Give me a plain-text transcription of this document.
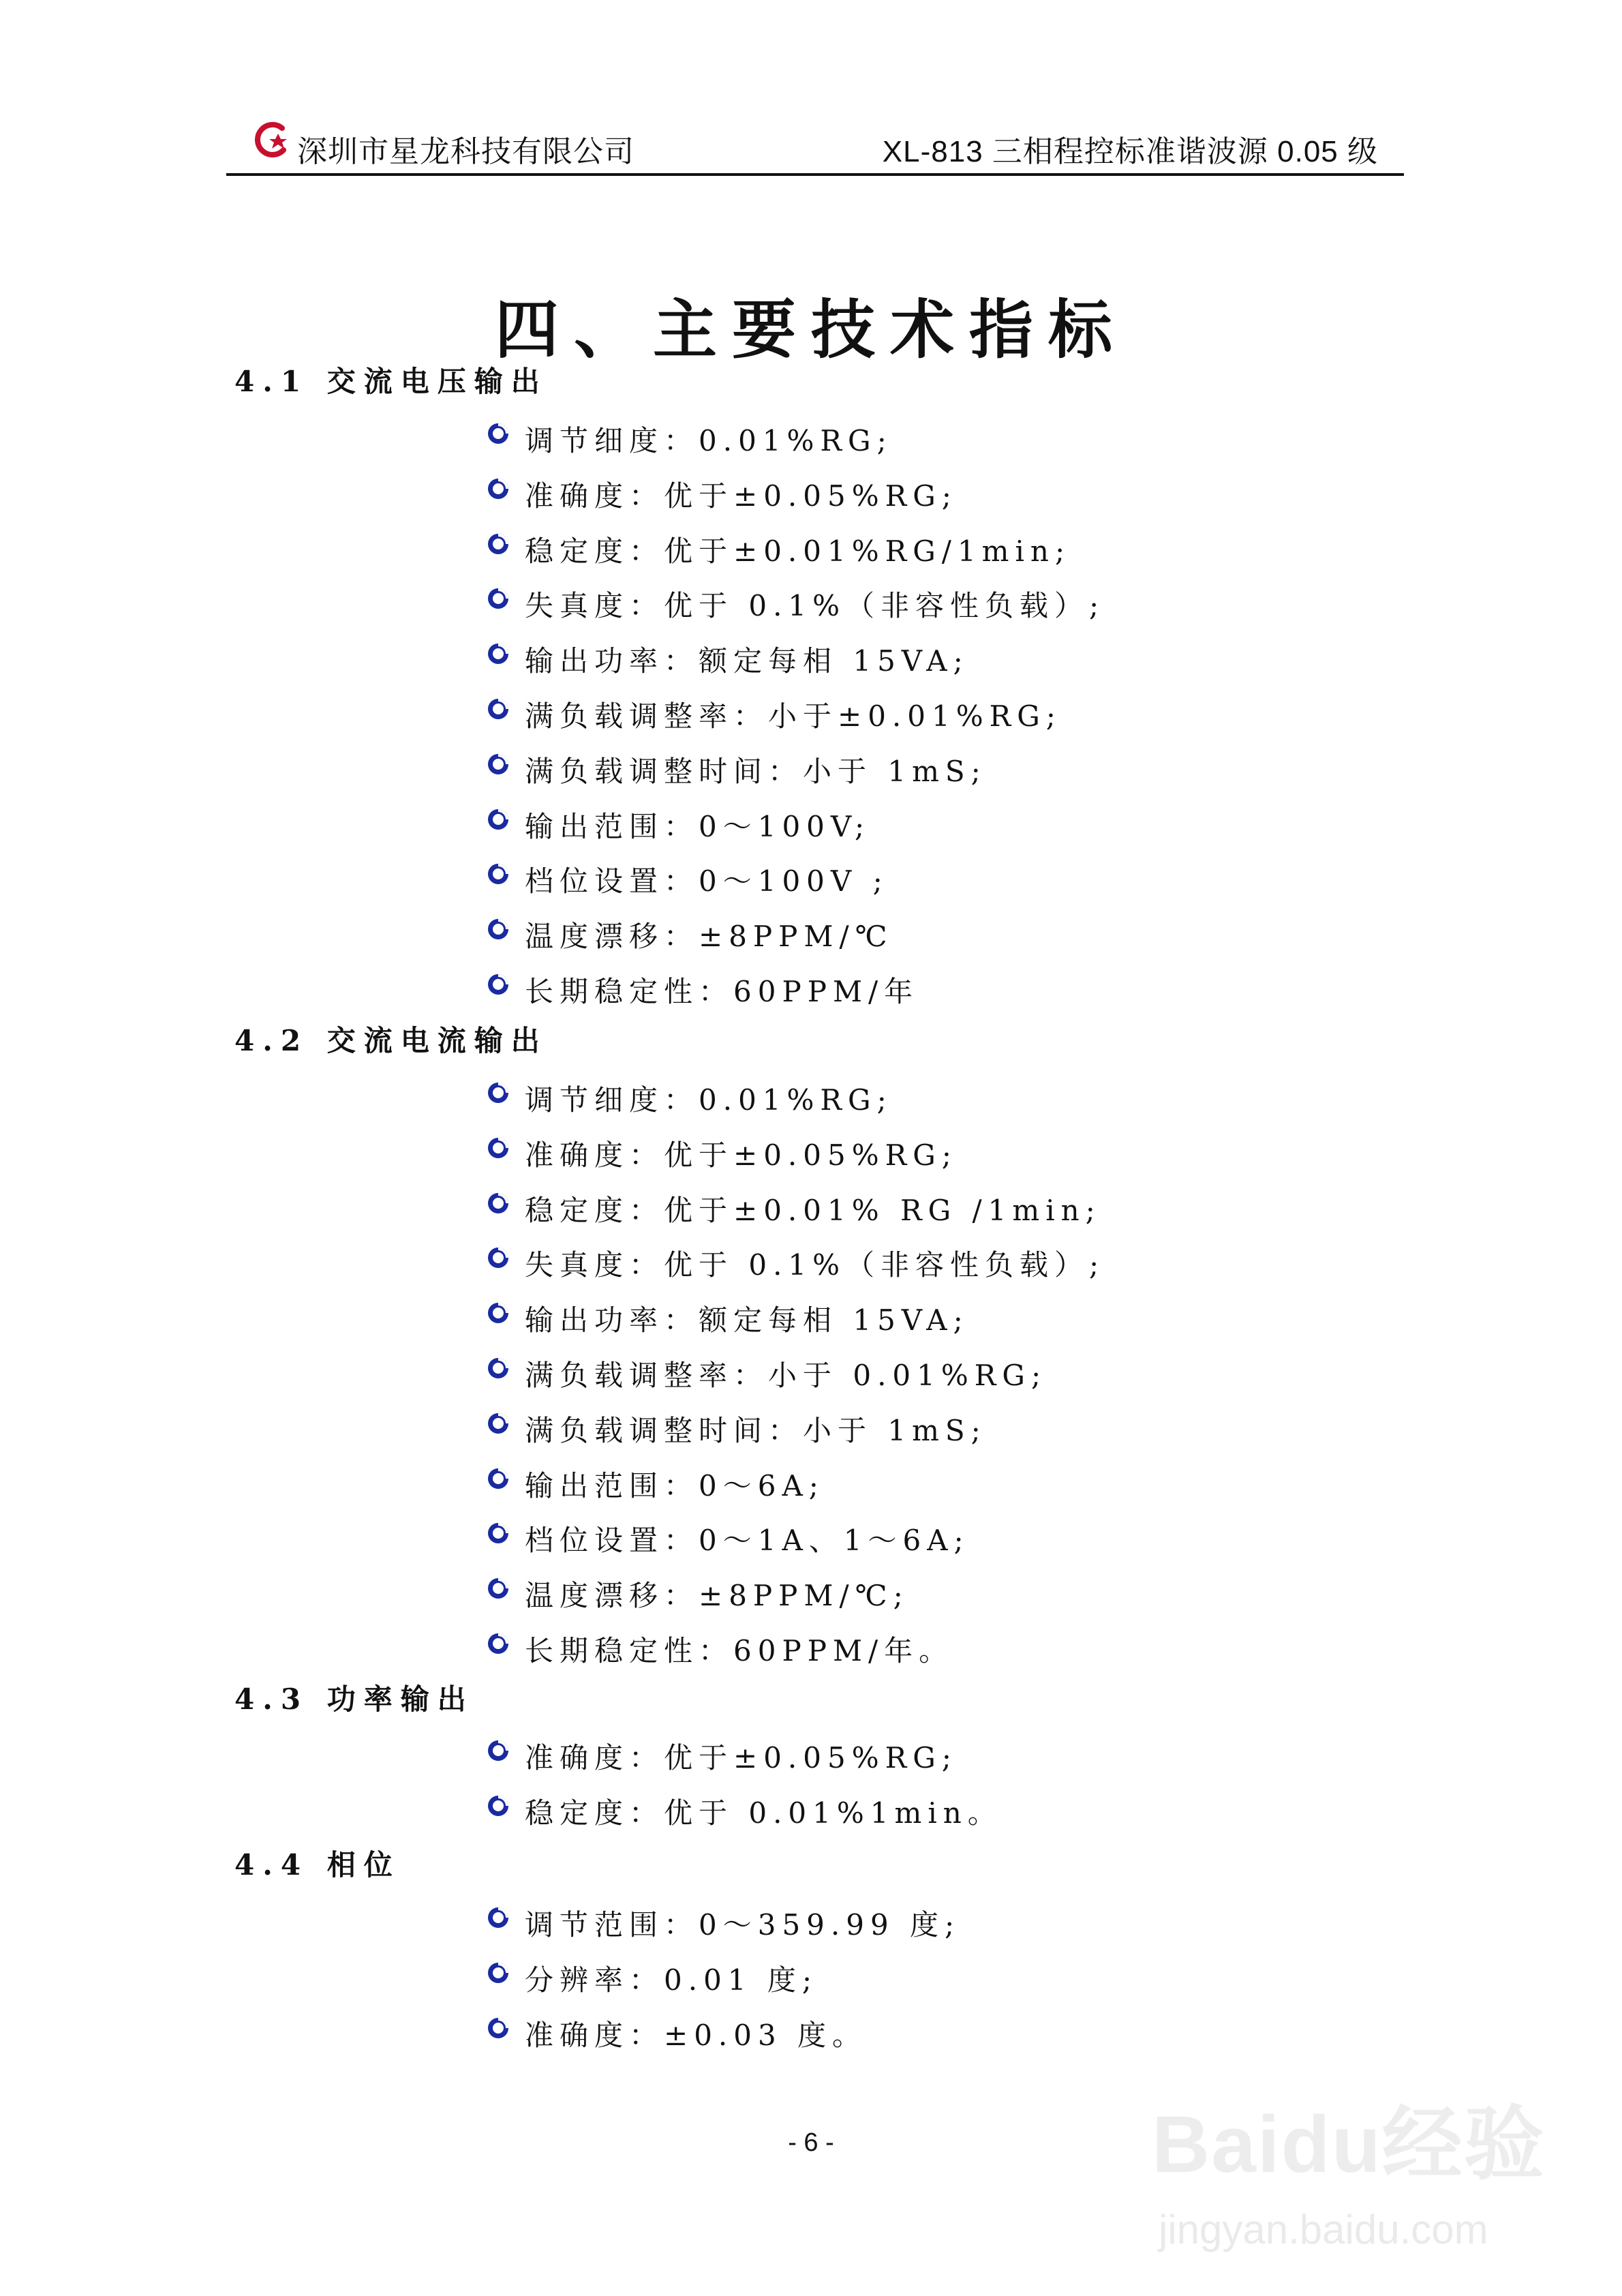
深圳市星龙科技有限公司	XL-813 三相程控标准谐波源 0.05 级
四、主要技术指标
4.1 交流电压输出
调节细度：0.01%RG;
准确度：优于±0.05%RG;
稳定度：优于±0.01%RG/1min;
失真度：优于 0.1%（非容性负载）;
输出功率：额定每相 15VA;
满负载调整率：小于±0.01%RG;
满负载调整时间：小于 1mS;
输出范围：0～100V;
档位设置：0～100V ;
温度漂移：±8PPM/℃
长期稳定性：60PPM/年
4.2 交流电流输出
调节细度：0.01%RG;
准确度：优于±0.05%RG;
稳定度：优于±0.01% RG /1min;
失真度：优于 0.1%（非容性负载）;
输出功率：额定每相 15VA;
满负载调整率：小于 0.01%RG;
满负载调整时间：小于 1mS;
输出范围：0～6A;
档位设置：0～1A、1～6A;
温度漂移：±8PPM/℃;
长期稳定性：60PPM/年。
4.3 功率输出
准确度：优于±0.05%RG;
稳定度：优于 0.01%1min。
4.4 相位
调节范围：0～359.99 度;
分辨率：0.01 度;
准确度：±0.03 度。
- 6 -	Baidu经验
jingyan.baidu.com
